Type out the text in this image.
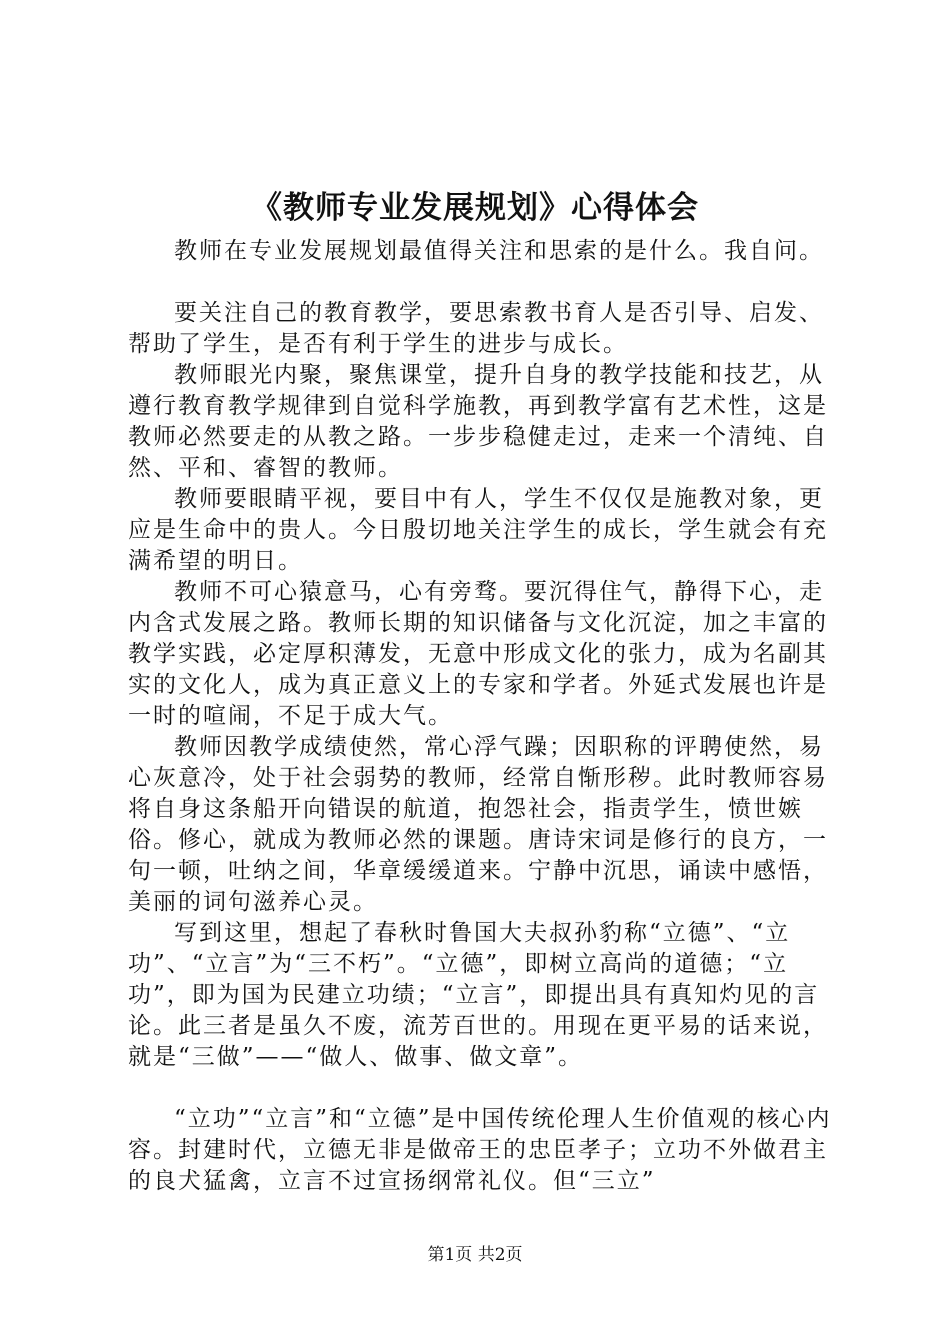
《教师专业发展规划》心得体会

教师在专业发展规划最值得关注和思索的是什么。我自问。

要关注自己的教育教学，要思索教书育人是否引导、启发、帮助了学生，是否有利于学生的进步与成长。

教师眼光内聚，聚焦课堂，提升自身的教学技能和技艺，从遵行教育教学规律到自觉科学施教，再到教学富有艺术性，这是教师必然要走的从教之路。一步步稳健走过，走来一个清纯、自然、平和、睿智的教师。

教师要眼睛平视，要目中有人，学生不仅仅是施教对象，更应是生命中的贵人。今日殷切地关注学生的成长，学生就会有充满希望的明日。

教师不可心猿意马，心有旁骛。要沉得住气，静得下心，走内含式发展之路。教师长期的知识储备与文化沉淀，加之丰富的教学实践，必定厚积薄发，无意中形成文化的张力，成为名副其实的文化人，成为真正意义上的专家和学者。外延式发展也许是一时的喧闹，不足于成大气。

教师因教学成绩使然，常心浮气躁；因职称的评聘使然，易心灰意冷，处于社会弱势的教师，经常自惭形秽。此时教师容易将自身这条船开向错误的航道，抱怨社会，指责学生，愤世嫉俗。修心，就成为教师必然的课题。唐诗宋词是修行的良方，一句一顿，吐纳之间，华章缓缓道来。宁静中沉思，诵读中感悟，美丽的词句滋养心灵。

写到这里，想起了春秋时鲁国大夫叔孙豹称“立德”、“立功”、“立言”为“三不朽”。“立德”，即树立高尚的道德；“立功”，即为国为民建立功绩；“立言”，即提出具有真知灼见的言论。此三者是虽久不废，流芳百世的。用现在更平易的话来说，就是“三做”——“做人、做事、做文章”。

“立功”“立言”和“立德”是中国传统伦理人生价值观的核心内容。封建时代，立德无非是做帝王的忠臣孝子；立功不外做君主的良犬猛禽，立言不过宣扬纲常礼仪。但“三立”

第1页 共2页
